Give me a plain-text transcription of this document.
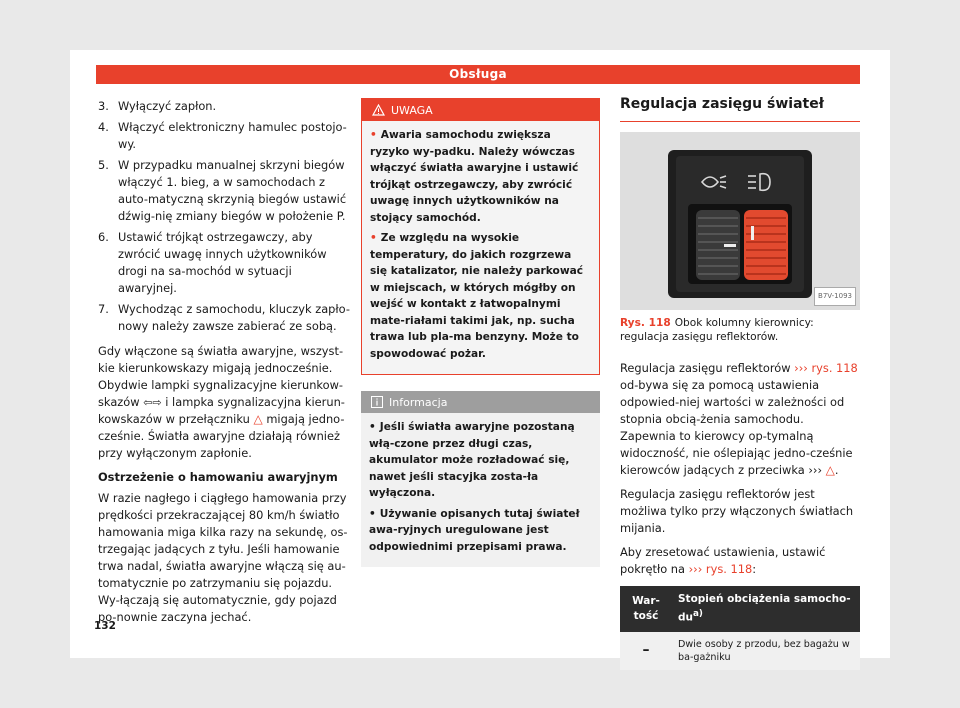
Obsługa
3. Wyłączyć zapłon.
4. Włączyć elektroniczny hamulec postojo-wy.
5. W przypadku manualnej skrzyni biegów włączyć 1. bieg, a w samochodach z auto-matyczną skrzynią biegów ustawić dźwig-nię zmiany biegów w położenie P.
6. Ustawić trójkąt ostrzegawczy, aby zwrócić uwagę innych użytkowników drogi na sa-mochód w sytuacji awaryjnej.
7. Wychodząc z samochodu, kluczyk zapło-nowy należy zawsze zabierać ze sobą.

Gdy włączone są światła awaryjne, wszyst-kie kierunkowskazy migają jednocześnie. Obydwie lampki sygnalizacyjne kierunkow-skazów ⇦⇨ i lampka sygnalizacyjna kierun-kowskazów w przełączniku △ migają jedno-cześnie. Światła awaryjne działają również przy wyłączonym zapłonie.

Ostrzeżenie o hamowaniu awaryjnym

W razie nagłego i ciągłego hamowania przy prędkości przekraczającej 80 km/h światło hamowania miga kilka razy na sekundę, os-trzegając jadących z tyłu. Jeśli hamowanie trwa nadal, światła awaryjne włączą się au-tomatycznie po zatrzymaniu się pojazdu. Wy-łączają się automatycznie, gdy pojazd po-nownie zaczyna jechać.

UWAGA
• Awaria samochodu zwiększa ryzyko wy-padku. Należy wówczas włączyć światła awaryjne i ustawić trójkąt ostrzegawczy, aby zwrócić uwagę innych użytkowników na stojący samochód.
• Ze względu na wysokie temperatury, do jakich rozgrzewa się katalizator, nie należy parkować w miejscach, w których mógłby on wejść w kontakt z łatwopalnymi mate-riałami takimi jak, np. sucha trawa lub pla-ma benzyny. Może to spowodować pożar.
Informacja
• Jeśli światła awaryjne pozostaną włą-czone przez długi czas, akumulator może rozładować się, nawet jeśli stacyjka zosta-ła wyłączona.
• Używanie opisanych tutaj świateł awa-ryjnych uregulowane jest odpowiednimi przepisami prawa.
Regulacja zasięgu świateł
B7V-1093
Rys. 118 Obok kolumny kierownicy: regulacja zasięgu reflektorów.

Regulacja zasięgu reflektorów ››› rys. 118 od-bywa się za pomocą ustawienia odpowied-niej wartości w zależności od stopnia obcią-żenia samochodu. Zapewnia to kierowcy op-tymalną widoczność, nie oślepiając jedno-cześnie kierowców jadących z przeciwka ››› △.

Regulacja zasięgu reflektorów jest możliwa tylko przy włączonych światłach mijania.

Aby zresetować ustawienia, ustawić pokrętło na ››› rys. 118:

War-tość	Stopień obciążenia samocho-$du^{a)}$
–	Dwie osoby z przodu, bez bagażu w ba-gażniku
132
